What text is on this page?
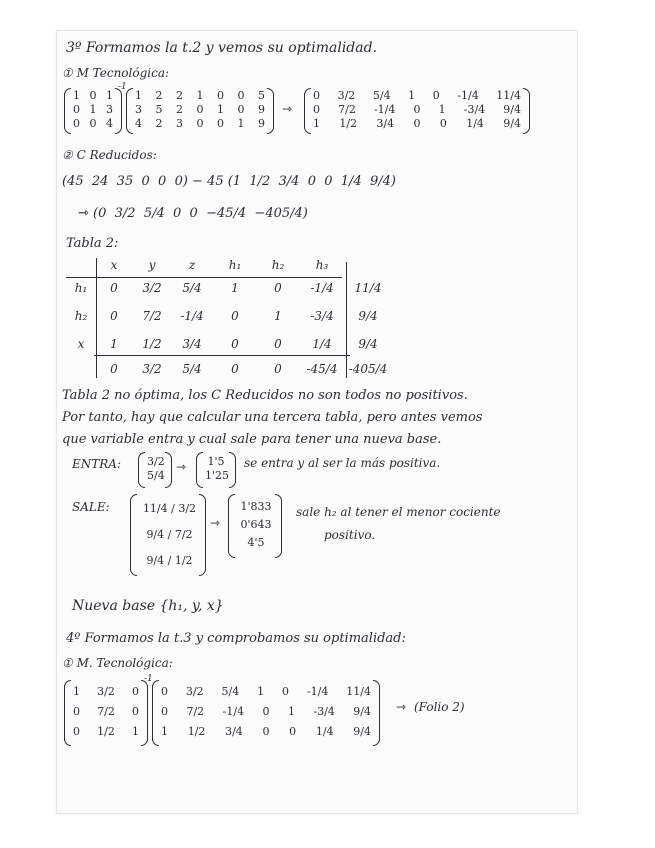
3º Formamos la t.2 y vemos su optimalidad.
① M Tecnológica:
1 0 1
0 1 3
0 0 4
-1
1 2 2 1 0 0 5
3 5 2 0 1 0 9
4 2 3 0 0 1 9
⇾
0 3/2 5/4 1 0 -1/4 11/4
0 7/2 -1/4 0 1 -3/4 9/4
1 1/2 3/4 0 0 1/4 9/4
② C Reducidos:
(45  24  35  0  0  0) − 45 (1  1/2  3/4  0  0  1/4  9/4)
⇾ (0  3/2  5/4  0  0  −45/4  −405/4)
Tabla 2:
	x	y	z	h₁	h₂	h₃	
h₁	0	3/2	5/4	1	0	-1/4	11/4
h₂	0	7/2	-1/4	0	1	-3/4	9/4
x	1	1/2	3/4	0	0	1/4	9/4
	0	3/2	5/4	0	0	-45/4	-405/4
Tabla 2 no óptima, los C Reducidos no son todos no positivos.
Por tanto, hay que calcular una tercera tabla, pero antes vemos
que variable entra y cual sale para tener una nueva base.
ENTRA: 3/2
5/4
⇾ 1'5
1'25
se entra y al ser la más positiva.
SALE:	11/4 / 3/2
9/4 / 7/2
9/4 / 1/2
⇾
1'833
0'643
4'5
sale h₂ al tener el menor cociente
positivo.
Nueva base {h₁, y, x}
4º Formamos la t.3 y comprobamos su optimalidad:
① M. Tecnológica:
1 3/2 0
0 7/2 0
0 1/2 1
-1
0 3/2 5/4 1 0 -1/4 11/4
0 7/2 -1/4 0 1 -3/4 9/4
1 1/2 3/4 0 0 1/4 9/4
⇾ (Folio 2)
